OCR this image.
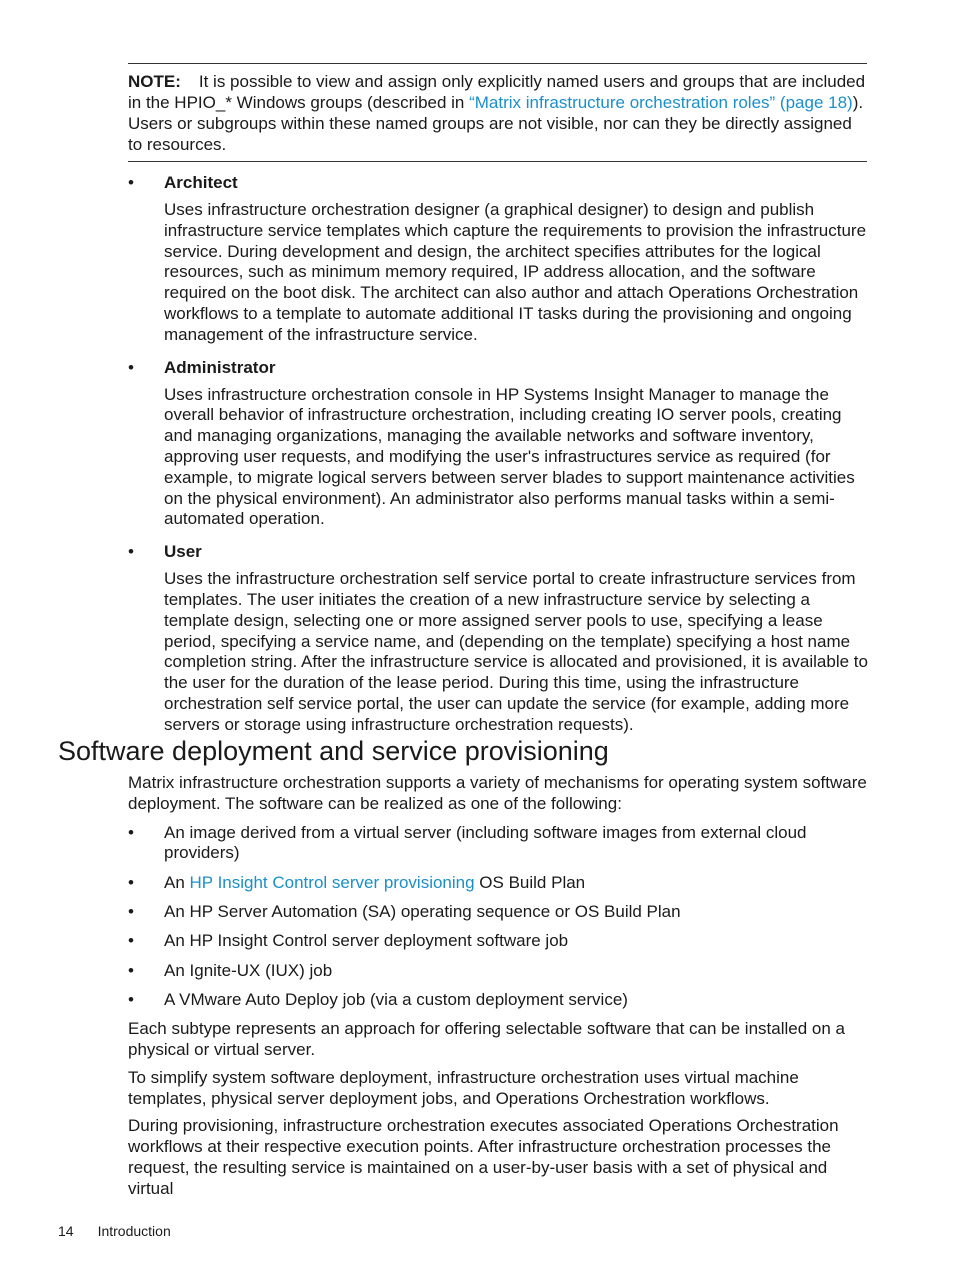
NOTE: It is possible to view and assign only explicitly named users and groups that are included in the HPIO_* Windows groups (described in “Matrix infrastructure orchestration roles” (page 18)). Users or subgroups within these named groups are not visible, nor can they be directly assigned to resources.

• Architect

Uses infrastructure orchestration designer (a graphical designer) to design and publish infrastructure service templates which capture the requirements to provision the infrastructure service. During development and design, the architect specifies attributes for the logical resources, such as minimum memory required, IP address allocation, and the software required on the boot disk. The architect can also author and attach Operations Orchestration workflows to a template to automate additional IT tasks during the provisioning and ongoing management of the infrastructure service.

• Administrator

Uses infrastructure orchestration console in HP Systems Insight Manager to manage the overall behavior of infrastructure orchestration, including creating IO server pools, creating and managing organizations, managing the available networks and software inventory, approving user requests, and modifying the user's infrastructures service as required (for example, to migrate logical servers between server blades to support maintenance activities on the physical environment). An administrator also performs manual tasks within a semi-automated operation.

• User

Uses the infrastructure orchestration self service portal to create infrastructure services from templates. The user initiates the creation of a new infrastructure service by selecting a template design, selecting one or more assigned server pools to use, specifying a lease period, specifying a service name, and (depending on the template) specifying a host name completion string. After the infrastructure service is allocated and provisioned, it is available to the user for the duration of the lease period. During this time, using the infrastructure orchestration self service portal, the user can update the service (for example, adding more servers or storage using infrastructure orchestration requests).

Software deployment and service provisioning

Matrix infrastructure orchestration supports a variety of mechanisms for operating system software deployment. The software can be realized as one of the following:

• An image derived from a virtual server (including software images from external cloud providers)
• An HP Insight Control server provisioning OS Build Plan
• An HP Server Automation (SA) operating sequence or OS Build Plan
• An HP Insight Control server deployment software job
• An Ignite-UX (IUX) job
• A VMware Auto Deploy job (via a custom deployment service)

Each subtype represents an approach for offering selectable software that can be installed on a physical or virtual server.

To simplify system software deployment, infrastructure orchestration uses virtual machine templates, physical server deployment jobs, and Operations Orchestration workflows.

During provisioning, infrastructure orchestration executes associated Operations Orchestration workflows at their respective execution points. After infrastructure orchestration processes the request, the resulting service is maintained on a user-by-user basis with a set of physical and virtual

14 Introduction
